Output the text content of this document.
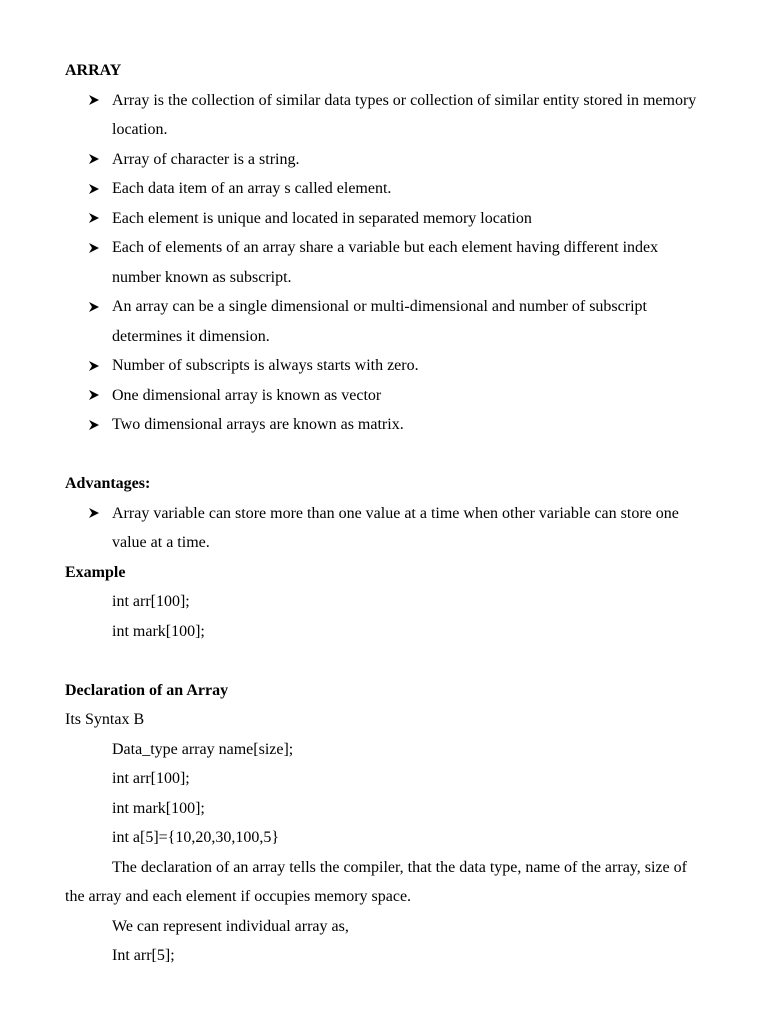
ARRAY
Array is the collection of similar data types or collection of similar entity stored in memory location.
Array of character is a string.
Each data item of an array s called element.
Each element is unique and located in separated memory location
Each of elements of an array share a variable but each element having different index number known as subscript.
An array can be a single dimensional or multi-dimensional and number of subscript determines it dimension.
Number of subscripts is always starts with zero.
One dimensional array is known as vector
Two dimensional arrays are known as matrix.
Advantages:
Array variable can store more than one value at a time when other variable can store one value at a time.
Example
int arr[100];
int mark[100];
Declaration of an Array
Its Syntax B
Data_type array name[size];
int arr[100];
int mark[100];
int a[5]={10,20,30,100,5}
The declaration of an array tells the compiler, that the data type, name of the array, size of the array and each element if occupies memory space.
We can represent individual array as,
Int arr[5];
